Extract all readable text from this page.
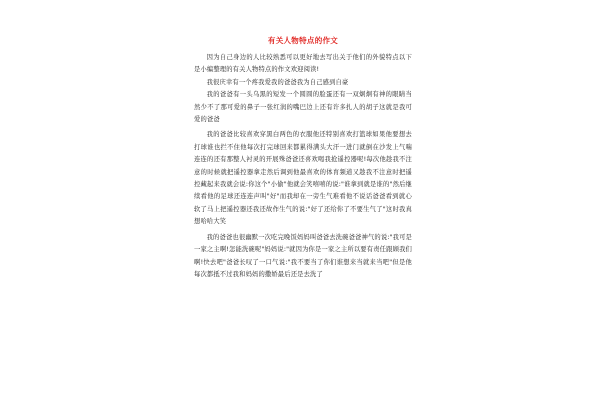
有关人物特点的作文

因为自己身边的人比较熟悉可以更好地去写出关于他们的外貌特点以下是小编整理的有关人物特点的作文欢迎阅读!

我很庆幸有一个疼我爱我的爸爸我为自己感到自豪

我的爸爸有一头乌黑的短发一个圆圆的脸蛋还有一双炯炯有神的眼睛当然少不了那可爱的鼻子一张红润的嘴巴边上还有许多扎人的胡子这就是我可爱的爸爸

我的爸爸比较喜欢穿黑白两色的衣服他还特别喜欢打篮球如果他要想去打球谁也拦不住他每次打完球回来都累得满头大汗一进门就倒在沙发上气喘连连的还有那整人衬灵的开展殊爸爸还喜欢喝我抢遥控器呢!每次他趁我不注意的时候就把遥控器拿走然后调到他最喜欢的体育频道又趁我不注意时把遥控藏起来我就会说:你这个"小偷"他就会笑嘻嘻的说:"谁拿到就是谁的"然后继续看他的足球还连连声叫"好"而我却在一旁生气难看他不说话爸爸看到就心软了马上把遥控器还我还故作生气的说:"好了还给你了不要生气了"这时我真想哈哈大笑

我的爸爸也很幽默一次吃完晚饭妈妈叫爸爸去洗碗爸爸神气的说:"我可是一家之主啊!怎能洗碗呢"妈妈说:"就因为你是一家之主所以要有责任跟顾我们啊!快去吧"爸爸长叹了一口气说:"我不要当了你们谁想来当就来当吧"但是他每次都抵不过我和妈妈的撒娇最后还是去洗了
